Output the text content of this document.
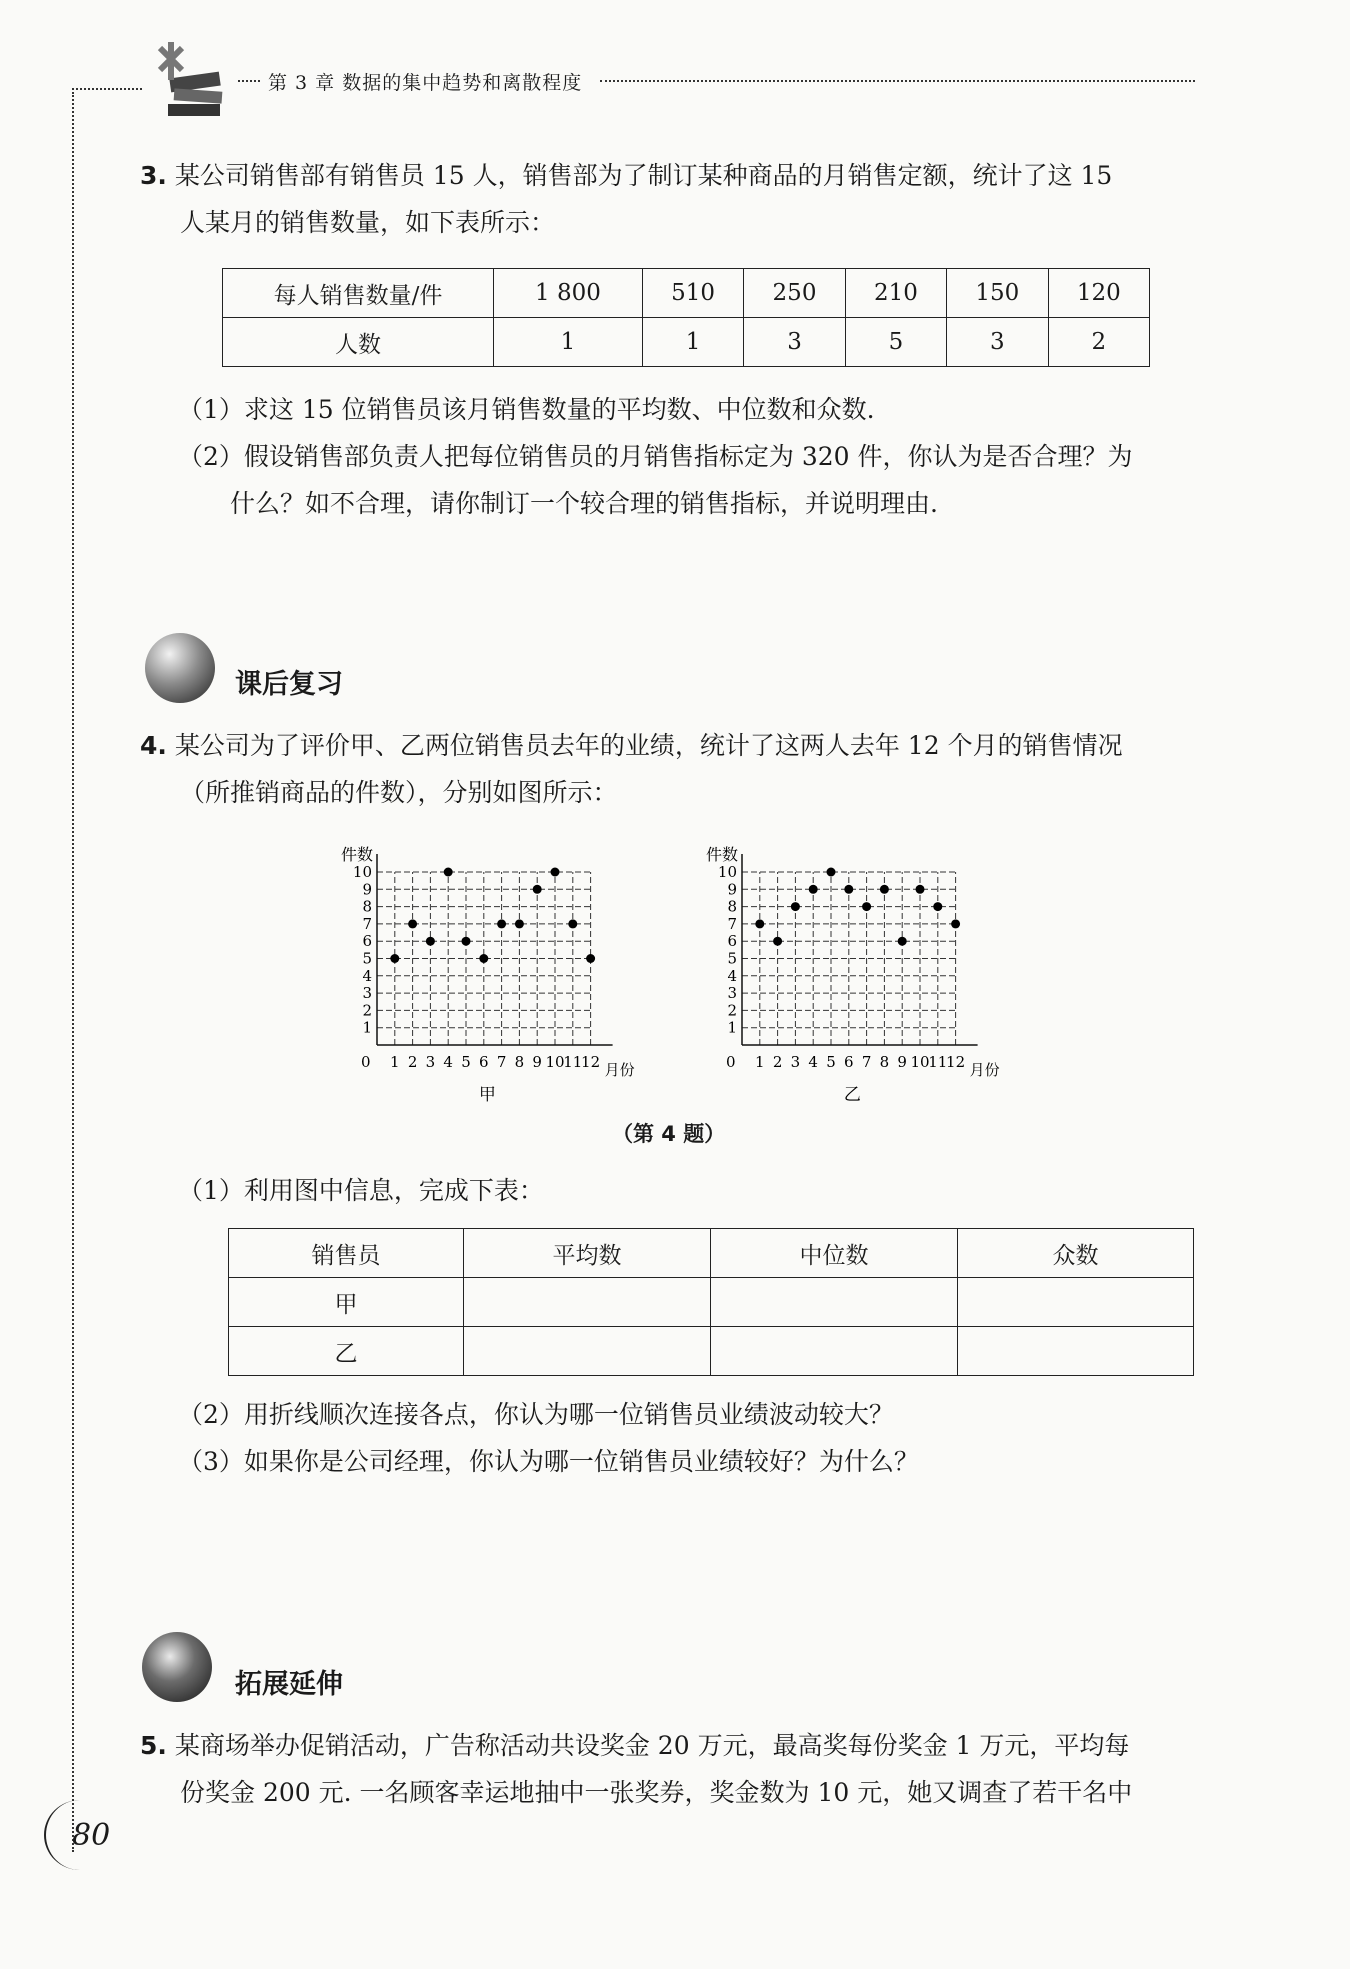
第 3 章 数据的集中趋势和离散程度
3. 某公司销售部有销售员 15 人，销售部为了制订某种商品的月销售定额，统计了这 15
人某月的销售数量，如下表所示：
每人销售数量/件	1 800	510	250	210	150	120
人数	1	1	3	5	3	2
（1）求这 15 位销售员该月销售数量的平均数、中位数和众数.
（2）假设销售部负责人把每位销售员的月销售指标定为 320 件，你认为是否合理？为
什么？如不合理，请你制订一个较合理的销售指标，并说明理由.
课后复习
4. 某公司为了评价甲、乙两位销售员去年的业绩，统计了这两人去年 12 个月的销售情况
（所推销商品的件数），分别如图所示：
件数
月份
0 1 2 3 4 5 6 7 8 9 10
11
12
1
2
3
4
5
6
7
8
9
10
甲
件数
月份
0 1 2 3 4 5 6 7 8 9 10
11
12
1
2
3
4
5
6
7
8
9
10
乙
（第 4 题）
（1）利用图中信息，完成下表：
销售员	平均数	中位数	众数
甲			
乙			
（2）用折线顺次连接各点，你认为哪一位销售员业绩波动较大？
（3）如果你是公司经理，你认为哪一位销售员业绩较好？为什么？
拓展延伸
5. 某商场举办促销活动，广告称活动共设奖金 20 万元，最高奖每份奖金 1 万元，平均每
份奖金 200 元. 一名顾客幸运地抽中一张奖券，奖金数为 10 元，她又调查了若干名中
80
